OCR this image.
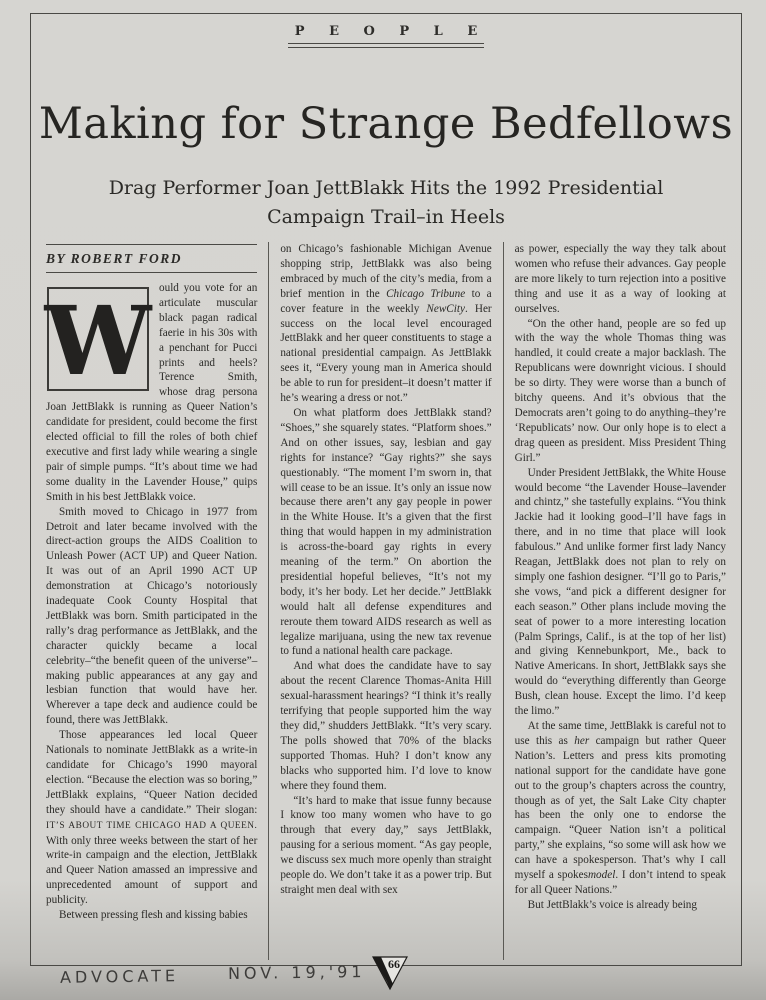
P E O P L E
Making for Strange Bedfellows
Drag Performer Joan JettBlakk Hits the 1992 Presidential
Campaign Trail–in Heels
BY ROBERT FORD
W ould you vote for an articulate muscular black pagan radical faerie in his 30s with a penchant for Pucci prints and heels? Terence Smith, whose drag persona Joan JettBlakk is running as Queer Nation’s candidate for president, could become the first elected official to fill the roles of both chief executive and first lady while wearing a single pair of simple pumps. “It’s about time we had some duality in the Lavender House,” quips Smith in his best JettBlakk voice.

Smith moved to Chicago in 1977 from Detroit and later became involved with the direct-action groups the AIDS Coalition to Unleash Power (ACT UP) and Queer Nation. It was out of an April 1990 ACT UP demonstration at Chicago’s notoriously inadequate Cook County Hospital that JettBlakk was born. Smith participated in the rally’s drag performance as JettBlakk, and the character quickly became a local celebrity–“the benefit queen of the universe”–making public appearances at any gay and lesbian function that would have her. Wherever a tape deck and audience could be found, there was JettBlakk.

Those appearances led local Queer Nationals to nominate JettBlakk as a write-in candidate for Chicago’s 1990 mayoral election. “Because the election was so boring,” JettBlakk explains, “Queer Nation decided they should have a candidate.” Their slogan: IT’S ABOUT TIME CHICAGO HAD A QUEEN. With only three weeks between the start of her write-in campaign and the election, JettBlakk and Queer Nation amassed an impressive and unprecedented amount of support and publicity.

Between pressing flesh and kissing babies

on Chicago’s fashionable Michigan Avenue shopping strip, JettBlakk was also being embraced by much of the city’s media, from a brief mention in the Chicago Tribune to a cover feature in the weekly NewCity. Her success on the local level encouraged JettBlakk and her queer constituents to stage a national presidential campaign. As JettBlakk sees it, “Every young man in America should be able to run for president–it doesn’t matter if he’s wearing a dress or not.”

On what platform does JettBlakk stand? “Shoes,” she squarely states. “Platform shoes.” And on other issues, say, lesbian and gay rights for instance? “Gay rights?” she says questionably. “The moment I’m sworn in, that will cease to be an issue. It’s only an issue now because there aren’t any gay people in power in the White House. It’s a given that the first thing that would happen in my administration is across-the-board gay rights in every meaning of the term.” On abortion the presidential hopeful believes, “It’s not my body, it’s her body. Let her decide.” JettBlakk would halt all defense expenditures and reroute them toward AIDS research as well as legalize marijuana, using the new tax revenue to fund a national health care package.

And what does the candidate have to say about the recent Clarence Thomas-Anita Hill sexual-harassment hearings? “I think it’s really terrifying that people supported him the way they did,” shudders JettBlakk. “It’s very scary. The polls showed that 70% of the blacks supported Thomas. Huh? I don’t know any blacks who supported him. I’d love to know where they found them.

“It’s hard to make that issue funny because I know too many women who have to go through that every day,” says JettBlakk, pausing for a serious moment. “As gay people, we discuss sex much more openly than straight people do. We don’t take it as a power trip. But straight men deal with sex

as power, especially the way they talk about women who refuse their advances. Gay people are more likely to turn rejection into a positive thing and use it as a way of looking at ourselves.

“On the other hand, people are so fed up with the way the whole Thomas thing was handled, it could create a major backlash. The Republicans were downright vicious. I should be so dirty. They were worse than a bunch of bitchy queens. And it’s obvious that the Democrats aren’t going to do anything–they’re ‘Republicats’ now. Our only hope is to elect a drag queen as president. Miss President Thing Girl.”

Under President JettBlakk, the White House would become “the Lavender House–lavender and chintz,” she tastefully explains. “You think Jackie had it looking good–I’ll have fags in there, and in no time that place will look fabulous.” And unlike former first lady Nancy Reagan, JettBlakk does not plan to rely on simply one fashion designer. “I’ll go to Paris,” she vows, “and pick a different designer for each season.” Other plans include moving the seat of power to a more interesting location (Palm Springs, Calif., is at the top of her list) and giving Kennebunkport, Me., back to Native Americans. In short, JettBlakk says she would do “everything differently than George Bush, clean house. Except the limo. I’d keep the limo.”

At the same time, JettBlakk is careful not to use this as her campaign but rather Queer Nation’s. Letters and press kits promoting national support for the candidate have gone out to the group’s chapters across the country, though as of yet, the Salt Lake City chapter has been the only one to endorse the campaign. “Queer Nation isn’t a political party,” she explains, “so some will ask how we can have a spokesperson. That’s why I call myself a spokesmodel. I don’t intend to speak for all Queer Nations.”

But JettBlakk’s voice is already being

ADVOCATE	NOV. 19,'91 66
